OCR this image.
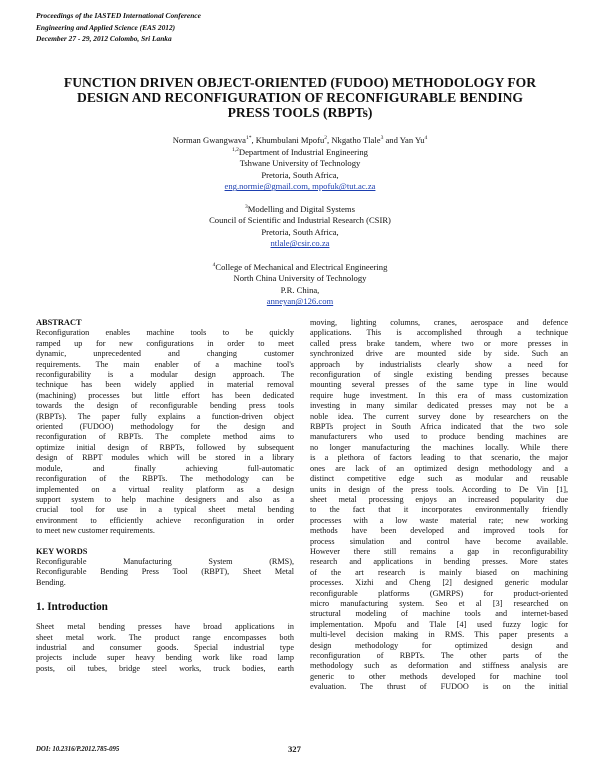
Proceedings of the IASTED International Conference
Engineering and Applied Science (EAS 2012)
December 27 - 29, 2012 Colombo, Sri Lanka
FUNCTION DRIVEN OBJECT-ORIENTED (FUDOO) METHODOLOGY FOR
DESIGN AND RECONFIGURATION OF RECONFIGURABLE BENDING
PRESS TOOLS (RBPTs)
Norman Gwangwava$^{1*}$, Khumbulani Mpofu$^2$, Nkgatho Tlale$^3$ and Yan Yu$^4$
$^{1,2}$Department of Industrial Engineering
Tshwane University of Technology
Pretoria, South Africa,
eng.normie@gmail.com, mpofuk@tut.ac.za
$^3$Modelling and Digital Systems
Council of Scientific and Industrial Research (CSIR)
Pretoria, South Africa,
ntlale@csir.co.za
$^4$College of Mechanical and Electrical Engineering
North China University of Technology
P.R. China,
anneyan@126.com
ABSTRACT
Reconfiguration enables machine tools to be quickly
ramped up for new configurations in order to meet
dynamic, unprecedented and changing customer
requirements. The main enabler of a machine tool's
reconfigurability is a modular design approach. The
technique has been widely applied in material removal
(machining) processes but little effort has been dedicated
towards the design of reconfigurable bending press tools
(RBPTs). The paper fully explains a function-driven object
oriented (FUDOO) methodology for the design and
reconfiguration of RBPTs. The complete method aims to
optimize initial design of RBPTs, followed by subsequent
design of RBPT modules which will be stored in a library
module, and finally achieving full-automatic
reconfiguration of the RBPTs. The methodology can be
implemented on a virtual reality platform as a design
support system to help machine designers and also as a
crucial tool for use in a typical sheet metal bending
environment to efficiently achieve reconfiguration in order
to meet new customer requirements.
KEY WORDS
Reconfigurable Manufacturing System (RMS),
Reconfigurable Bending Press Tool (RBPT), Sheet Metal
Bending.
1. Introduction
Sheet metal bending presses have broad applications in
sheet metal work. The product range encompasses both
industrial and consumer goods. Special industrial type
projects include super heavy bending work like road lamp
posts, oil tubes, bridge steel works, truck bodies, earth
moving, lighting columns, cranes, aerospace and defence
applications. This is accomplished through a technique
called press brake tandem, where two or more presses in
synchronized drive are mounted side by side. Such an
approach by industrialists clearly show a need for
reconfiguration of single existing bending presses because
mounting several presses of the same type in line would
require huge investment. In this era of mass customization
investing in many similar dedicated presses may not be a
noble idea. The current survey done by researchers on the
RBPTs project in South Africa indicated that the two sole
manufacturers who used to produce bending machines are
no longer manufacturing the machines locally. While there
is a plethora of factors leading to that scenario, the major
ones are lack of an optimized design methodology and a
distinct competitive edge such as modular and reusable
units in design of the press tools. According to De Vin [1],
sheet metal processing enjoys an increased popularity due
to the fact that it incorporates environmentally friendly
processes with a low waste material rate; new working
methods have been developed and improved tools for
process simulation and control have become available.
However there still remains a gap in reconfigurability
research and applications in bending presses. More states
of the art research is mainly biased on machining
processes. Xizhi and Cheng [2] designed generic modular
reconfigurable platforms (GMRPS) for product-oriented
micro manufacturing system. Seo et al [3] researched on
structural modeling of machine tools and internet-based
implementation. Mpofu and Tlale [4] used fuzzy logic for
multi-level decision making in RMS. This paper presents a
design methodology for optimized design and
reconfiguration of RBPTs. The other parts of the
methodology such as deformation and stiffness analysis are
generic to other methods developed for machine tool
evaluation. The thrust of FUDOO is on the initial
DOI: 10.2316/P.2012.785-095	327
